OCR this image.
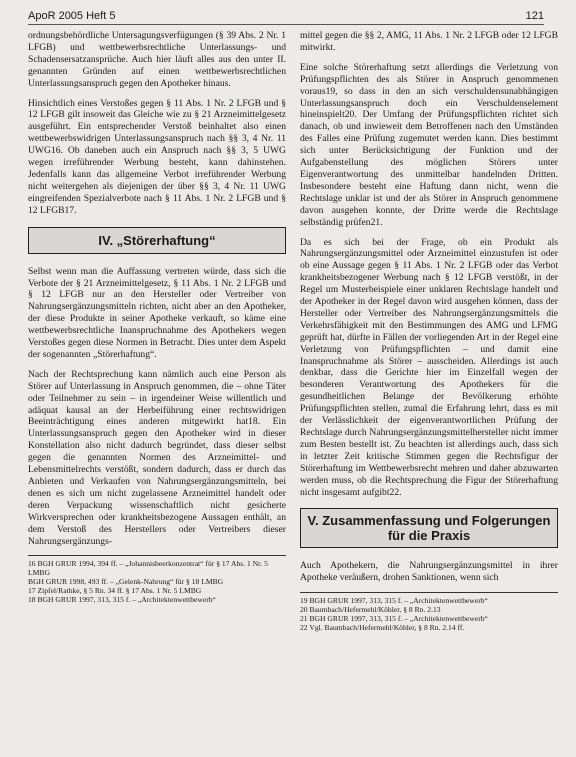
ApoR 2005 Heft 5	121

ordnungsbehördliche Untersagungsverfügungen (§ 39 Abs. 2 Nr. 1 LFGB) und wettbewerbsrechtliche Unterlassungs- und Schadensersatzansprüche. Auch hier läuft alles aus den unter II. genannten Gründen auf einen wettbewerbsrechtlichen Unterlassungsanspruch gegen den Apotheker hinaus.

Hinsichtlich eines Verstoßes gegen § 11 Abs. 1 Nr. 2 LFGB und § 12 LFGB gilt insoweit das Gleiche wie zu § 21 Arzneimittelgesetz ausgeführt. Ein entsprechender Verstoß beinhaltet also einen wettbewerbswidrigen Unterlassungsanspruch nach §§ 3, 4 Nr. 11 UWG16. Ob daneben auch ein Anspruch nach §§ 3, 5 UWG wegen irreführender Werbung besteht, kann dahinstehen. Jedenfalls kann das allgemeine Verbot irreführender Werbung nicht weitergehen als diejenigen der über §§ 3, 4 Nr. 11 UWG eingreifenden Spezialverbote nach § 11 Abs. 1 Nr. 2 LFGB und § 12 LFGB17.

IV. „Störerhaftung“

Selbst wenn man die Auffassung vertreten würde, dass sich die Verbote der § 21 Arzneimittelgesetz, § 11 Abs. 1 Nr. 2 LFGB und § 12 LFGB nur an den Hersteller oder Vertreiber von Nahrungsergänzungsmitteln richten, nicht aber an den Apotheker, der diese Produkte in seiner Apotheke verkauft, so käme eine wettbewerbsrechtliche Inanspruchnahme des Apothekers wegen Verstoßes gegen diese Normen in Betracht. Dies unter dem Aspekt der sogenannten „Störerhaftung“.

Nach der Rechtsprechung kann nämlich auch eine Person als Störer auf Unterlassung in Anspruch genommen, die – ohne Täter oder Teilnehmer zu sein – in irgendeiner Weise willentlich und adäquat kausal an der Herbeiführung einer rechtswidrigen Beeinträchtigung eines anderen mitgewirkt hat18. Ein Unterlassungsanspruch gegen den Apotheker wird in dieser Konstellation also nicht dadurch begründet, dass dieser selbst gegen die genannten Normen des Arzneimittel- und Lebensmittelrechts verstößt, sondern dadurch, dass er durch das Anbieten und Verkaufen von Nahrungsergänzungsmitteln, bei denen es sich um nicht zugelassene Arzneimittel handelt oder deren Verpackung wissenschaftlich nicht gesicherte Wirkversprechen oder krankheitsbezogene Aussagen enthält, an dem Verstoß des Herstellers oder Vertreibers dieser Nahrungsergänzungs-

16 BGH GRUR 1994, 394 ff. – „Johannisbeerkonzentrat“ für § 17 Abs. 1 Nr. 5 LMBG

BGH GRUR 1998, 493 ff. – „Gelenk-Nahrung“ für § 18 LMBG

17 Zipfel/Rathke, § 5 Rn. 34 ff. § 17 Abs. 1 Nr. 5 LMBG

18 BGH GRUR 1997, 313, 315 f. – „Architektenwettbewerb“

mittel gegen die §§ 2, AMG, 11 Abs. 1 Nr. 2 LFGB oder 12 LFGB mitwirkt.

Eine solche Störerhaftung setzt allerdings die Verletzung von Prüfungspflichten des als Störer in Anspruch genommenen voraus19, so dass in den an sich verschuldensunabhängigen Unterlassungsanspruch doch ein Verschuldenselement hineinspielt20. Der Umfang der Prüfungspflichten richtet sich danach, ob und inwieweit dem Betroffenen nach den Umständen des Falles eine Prüfung zugemutet werden kann. Dies bestimmt sich unter Berücksichtigung der Funktion und der Aufgabenstellung des möglichen Störers unter Eigenverantwortung des unmittelbar handelnden Dritten. Insbesondere besteht eine Haftung dann nicht, wenn die Rechtslage unklar ist und der als Störer in Anspruch genommene davon ausgehen konnte, der Dritte werde die Rechtslage selbständig prüfen21.

Da es sich bei der Frage, ob ein Produkt als Nahrungsergänzungsmittel oder Arzneimittel einzustufen ist oder ob eine Aussage gegen § 11 Abs. 1 Nr. 2 LFGB oder das Verbot krankheitsbezogener Werbung nach § 12 LFGB verstößt, in der Regel um Musterbeispiele einer unklaren Rechtslage handelt und der Apotheker in der Regel davon wird ausgehen können, dass der Hersteller oder Vertreiber des Nahrungsergänzungsmittels die Verkehrsfähigkeit mit den Bestimmungen des AMG und LFMG geprüft hat, dürfte in Fällen der vorliegenden Art in der Regel eine Verletzung von Prüfungspflichten – und damit eine Inanspruchnahme als Störer – ausscheiden. Allerdings ist auch denkbar, dass die Gerichte hier im Einzelfall wegen der besonderen Verantwortung des Apothekers für die gesundheitlichen Belange der Bevölkerung erhöhte Prüfungspflichten stellen, zumal die Erfahrung lehrt, dass es mit der Verlässlichkeit der eigenverantwortlichen Prüfung der Rechtslage durch Nahrungsergänzungsmittelhersteller nicht immer zum Besten bestellt ist. Zu beachten ist allerdings auch, dass sich in letzter Zeit kritische Stimmen gegen die Rechtsfigur der Störerhaftung im Wettbewerbsrecht mehren und daher abzuwarten werden muss, ob die Rechtsprechung die Figur der Störerhaftung nicht insgesamt aufgibt22.

V. Zusammenfassung und Folgerungen für die Praxis

Auch Apothekern, die Nahrungsergänzungsmittel in ihrer Apotheke veräußern, drohen Sanktionen, wenn sich

19 BGH GRUR 1997, 313, 315 f. – „Architektenwettbewerb“

20 Baumbach/Hefermehl/Köhler, § 8 Rn. 2.13

21 BGH GRUR 1997, 313, 315 f. – „Architektenwettbewerb“

22 Vgl. Baumbach/Hefermehl/Köhler, § 8 Rn. 2.14 ff.
